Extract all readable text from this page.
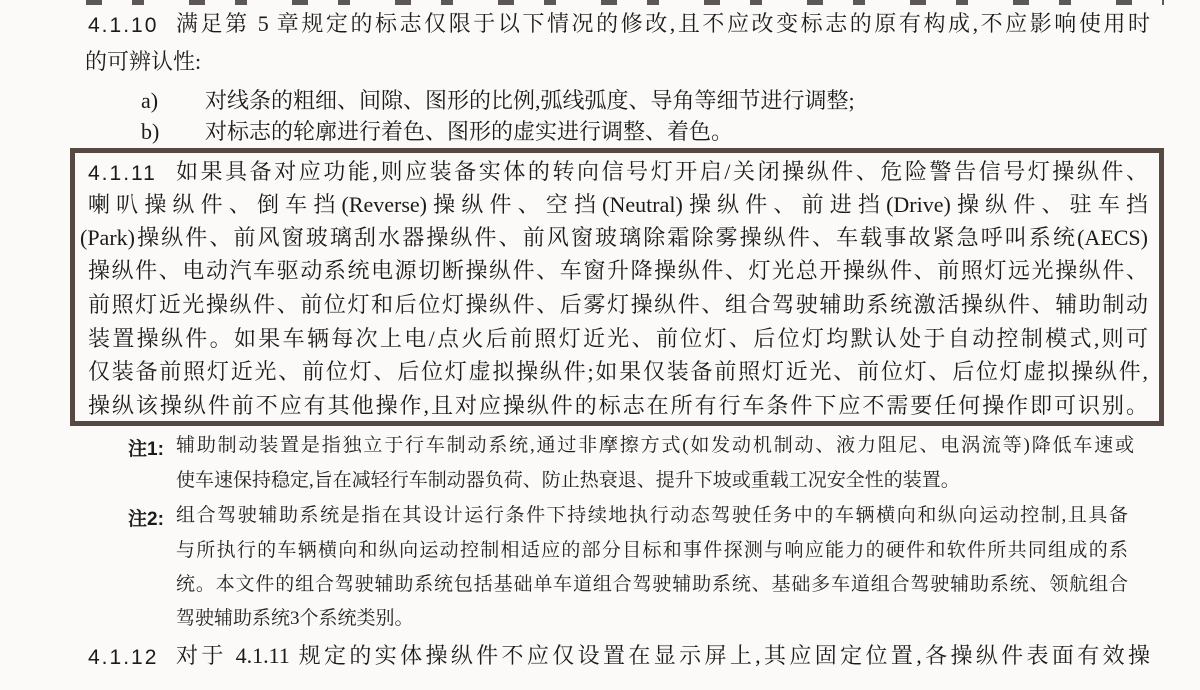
4.1.10 满足第 5 章规定的标志仅限于以下情况的修改,且不应改变标志的原有构成,不应影响使用时
的可辨认性:
a) 对线条的粗细、间隙、图形的比例,弧线弧度、导角等细节进行调整;
b) 对标志的轮廓进行着色、图形的虚实进行调整、着色。
4.1.11 如果具备对应功能,则应装备实体的转向信号灯开启/关闭操纵件、危险警告信号灯操纵件、
喇叭操纵件、倒车挡(Reverse)操纵件、空挡(Neutral)操纵件、前进挡(Drive)操纵件、驻车挡
(Park)操纵件、前风窗玻璃刮水器操纵件、前风窗玻璃除霜除雾操纵件、车载事故紧急呼叫系统(AECS)
操纵件、电动汽车驱动系统电源切断操纵件、车窗升降操纵件、灯光总开操纵件、前照灯远光操纵件、
前照灯近光操纵件、前位灯和后位灯操纵件、后雾灯操纵件、组合驾驶辅助系统激活操纵件、辅助制动
装置操纵件。如果车辆每次上电/点火后前照灯近光、前位灯、后位灯均默认处于自动控制模式,则可
仅装备前照灯近光、前位灯、后位灯虚拟操纵件;如果仅装备前照灯近光、前位灯、后位灯虚拟操纵件,
操纵该操纵件前不应有其他操作,且对应操纵件的标志在所有行车条件下应不需要任何操作即可识别。
注1: 辅助制动装置是指独立于行车制动系统,通过非摩擦方式(如发动机制动、液力阻尼、电涡流等)降低车速或
使车速保持稳定,旨在减轻行车制动器负荷、防止热衰退、提升下坡或重载工况安全性的装置。
注2: 组合驾驶辅助系统是指在其设计运行条件下持续地执行动态驾驶任务中的车辆横向和纵向运动控制,且具备
与所执行的车辆横向和纵向运动控制相适应的部分目标和事件探测与响应能力的硬件和软件所共同组成的系
统。本文件的组合驾驶辅助系统包括基础单车道组合驾驶辅助系统、基础多车道组合驾驶辅助系统、领航组合
驾驶辅助系统3个系统类别。
4.1.12 对于 4.1.11 规定的实体操纵件不应仅设置在显示屏上,其应固定位置,各操纵件表面有效操
